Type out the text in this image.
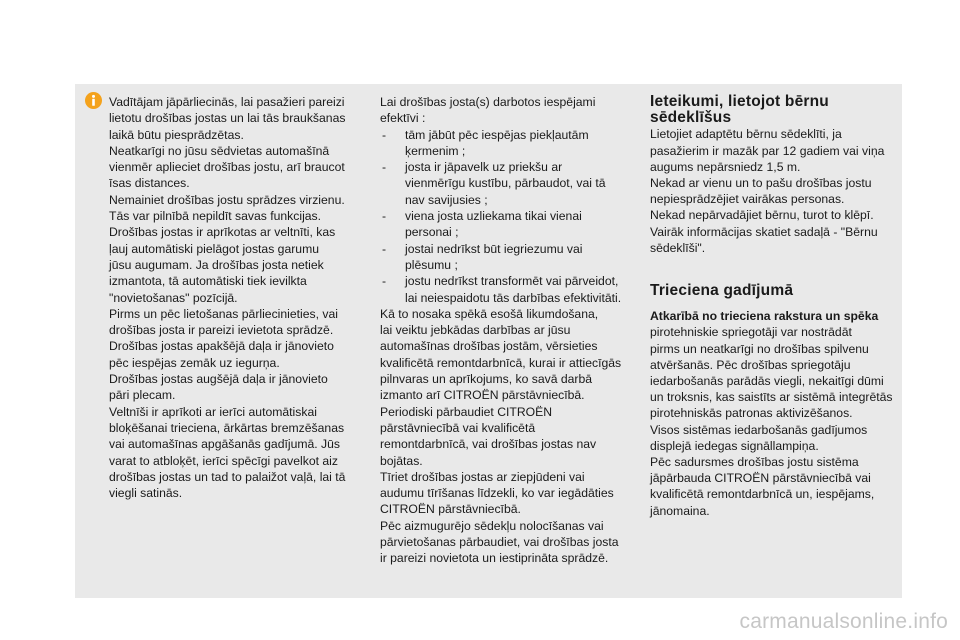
Vadītājam jāpārliecinās, lai pasažieri pareizi
lietotu drošības jostas un lai tās braukšanas
laikā būtu piesprādzētas.
Neatkarīgi no jūsu sēdvietas automašīnā
vienmēr aplieciet drošības jostu, arī braucot
īsas distances.
Nemainiet drošības jostu sprādzes virzienu.
Tās var pilnībā nepildīt savas funkcijas.
Drošības jostas ir aprīkotas ar veltnīti, kas
ļauj automātiski pielāgot jostas garumu
jūsu augumam. Ja drošības josta netiek
izmantota, tā automātiski tiek ievilkta
"novietošanas" pozīcijā.
Pirms un pēc lietošanas pārliecinieties, vai
drošības josta ir pareizi ievietota sprādzē.
Drošības jostas apakšējā daļa ir jānovieto
pēc iespējas zemāk uz iegurņa.
Drošības jostas augšējā daļa ir jānovieto
pāri plecam.
Veltnīši ir aprīkoti ar ierīci automātiskai
bloķēšanai trieciena, ārkārtas bremzēšanas
vai automašīnas apgāšanās gadījumā. Jūs
varat to atbloķēt, ierīci spēcīgi pavelkot aiz
drošības jostas un tad to palaižot vaļā, lai tā
viegli satinās.

Lai drošības josta(s) darbotos iespējami
efektīvi :

- tām jābūt pēc iespējas piekļautām
ķermenim ;
- josta ir jāpavelk uz priekšu ar
vienmērīgu kustību, pārbaudot, vai tā
nav savijusies ;
- viena josta uzliekama tikai vienai
personai ;
- jostai nedrīkst būt iegriezumu vai
plēsumu ;
- jostu nedrīkst transformēt vai pārveidot,
lai neiespaidotu tās darbības efektivitāti.

Kā to nosaka spēkā esošā likumdošana,
lai veiktu jebkādas darbības ar jūsu
automašīnas drošības jostām, vērsieties
kvalificētā remontdarbnīcā, kurai ir attiecīgās
pilnvaras un aprīkojums, ko savā darbā
izmanto arī CITROËN pārstāvniecībā.
Periodiski pārbaudiet CITROËN
pārstāvniecībā vai kvalificētā
remontdarbnīcā, vai drošības jostas nav
bojātas.
Tīriet drošības jostas ar ziepjūdeni vai
audumu tīrīšanas līdzekli, ko var iegādāties
CITROËN pārstāvniecībā.
Pēc aizmugurējo sēdekļu nolocīšanas vai
pārvietošanas pārbaudiet, vai drošības josta
ir pareizi novietota un iestiprināta sprādzē.

Ieteikumi, lietojot bērnu
sēdeklīšus

Lietojiet adaptētu bērnu sēdeklīti, ja
pasažierim ir mazāk par 12 gadiem vai viņa
augums nepārsniedz 1,5 m.
Nekad ar vienu un to pašu drošības jostu
nepiesprādzējiet vairākas personas.
Nekad nepārvadājiet bērnu, turot to klēpī.
Vairāk informācijas skatiet sadaļā - "Bērnu
sēdeklīši".

Trieciena gadījumā

Atkarībā no trieciena rakstura un spēka

pirotehniskie spriegotāji var nostrādāt
pirms un neatkarīgi no drošības spilvenu
atvēršanās. Pēc drošības spriegotāju
iedarbošanās parādās viegli, nekaitīgi dūmi
un troksnis, kas saistīts ar sistēmā integrētās
pirotehniskās patronas aktivizēšanos.
Visos sistēmas iedarbošanās gadījumos
displejā iedegas signāllampiņa.
Pēc sadursmes drošības jostu sistēma
jāpārbauda CITROËN pārstāvniecībā vai
kvalificētā remontdarbnīcā un, iespējams,
jānomaina.

carmanualsonline.info
